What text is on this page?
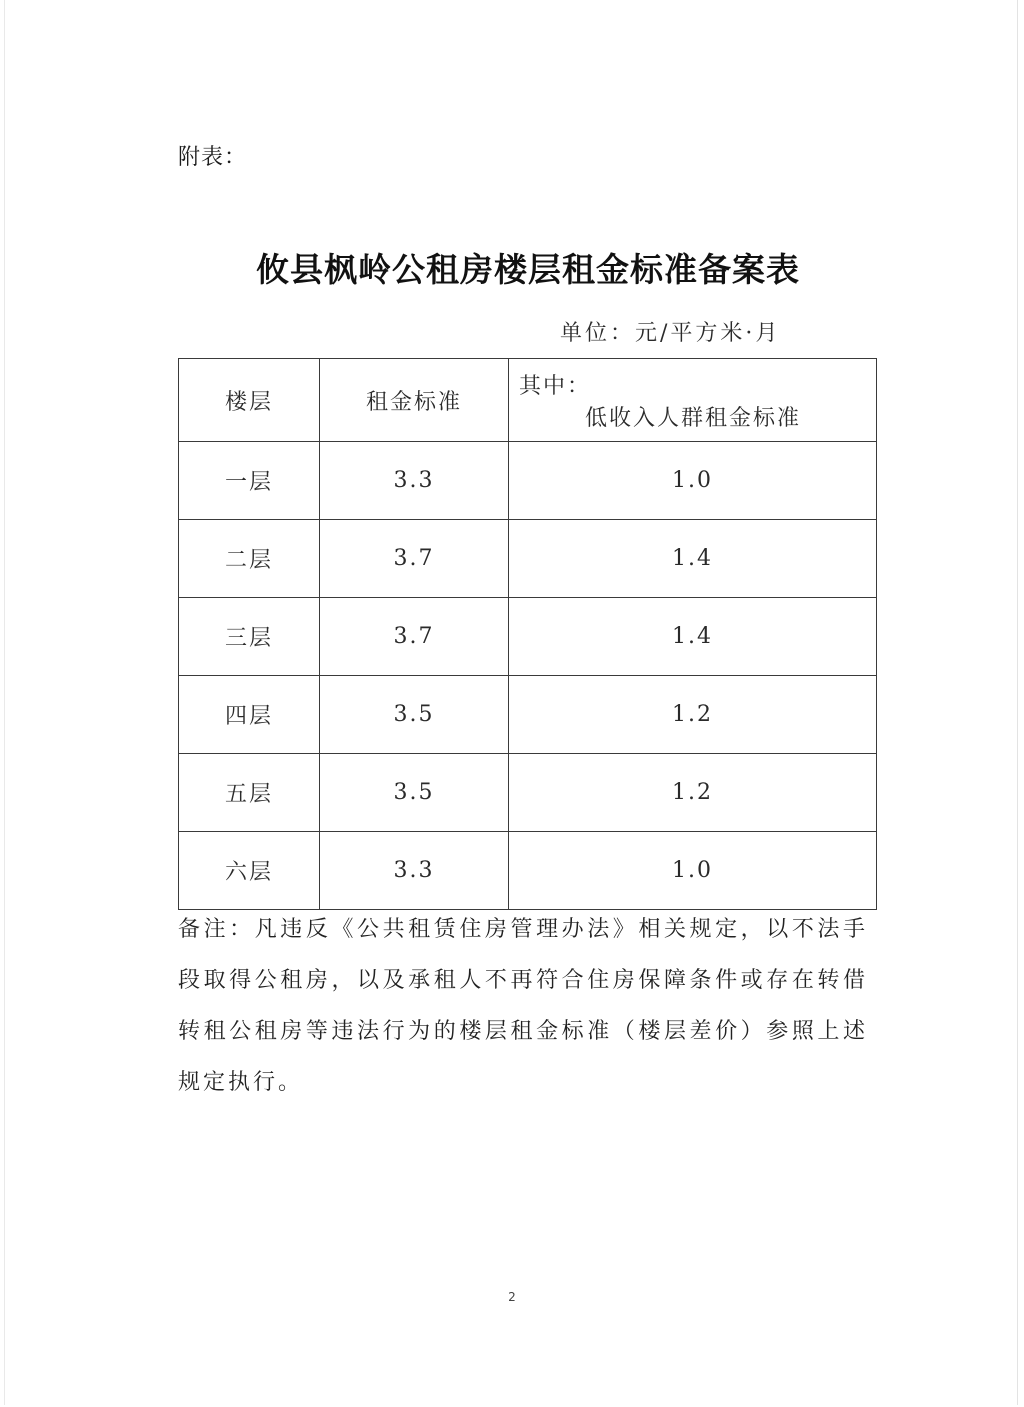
附表：
攸县枫岭公租房楼层租金标准备案表
单位：元/平方米·月
楼层	租金标准	其中：
低收入人群租金标准

一层	3.3	1.0
二层	3.7	1.4
三层	3.7	1.4
四层	3.5	1.2
五层	3.5	1.2
六层	3.3	1.0
备注：凡违反《公共租赁住房管理办法》相关规定，以不法手段取得公租房，以及承租人不再符合住房保障条件或存在转借转租公租房等违法行为的楼层租金标准（楼层差价）参照上述规定执行。
2
